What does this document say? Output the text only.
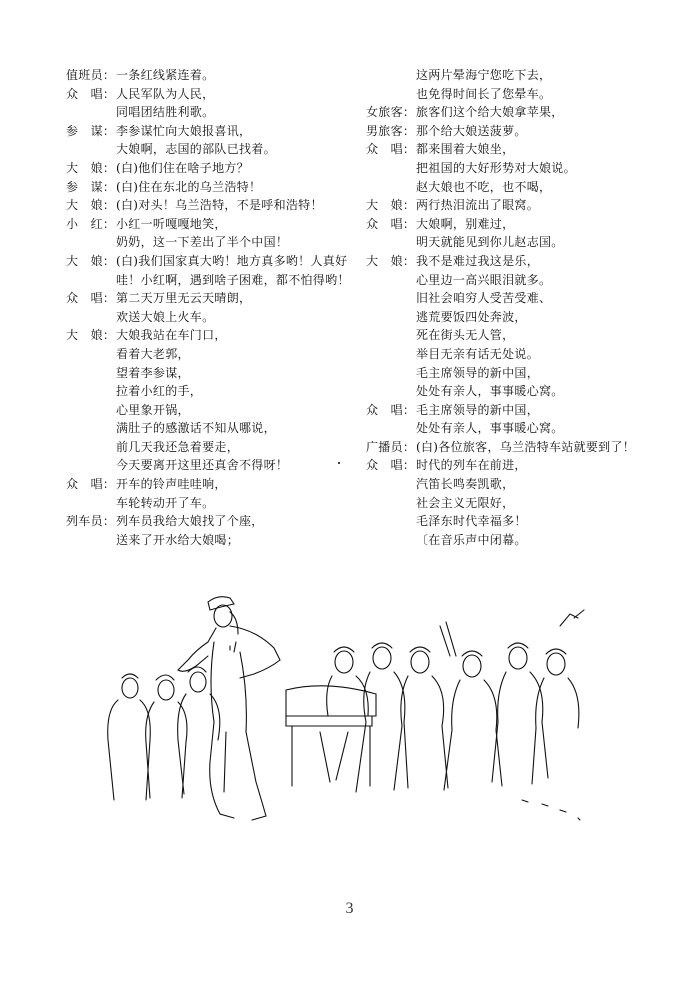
值班员： 一条红线紧连着。
众　唱： 人民军队为人民，
同唱团结胜利歌。
参　谋： 李参谋忙向大娘报喜讯，
大娘啊，志国的部队已找着。
大　娘： (白)他们住在啥子地方？
参　谋： (白)住在东北的乌兰浩特！
大　娘： (白)对头！乌兰浩特，不是呼和浩特！
小　红： 小红一听嘎嘎地笑，
奶奶，这一下差出了半个中国！
大　娘： (白)我们国家真大哟！地方真多哟！人真好
哇！小红啊，遇到啥子困难，都不怕得哟！
众　唱： 第二天万里无云天晴朗，
欢送大娘上火车。
大　娘： 大娘我站在车门口，
看着大老郭，
望着李参谋，
拉着小红的手，
心里象开锅，
满肚子的感激话不知从哪说，
前几天我还急着要走，
今天要离开这里还真舍不得呀！
众　唱： 开车的铃声哇哇响，
车轮转动开了车。
列车员： 列车员我给大娘找了个座，
送来了开水给大娘喝；
这两片晕海宁您吃下去，
也免得时间长了您晕车。
女旅客： 旅客们这个给大娘拿苹果，
男旅客： 那个给大娘送菠萝。
众　唱： 都来围着大娘坐，
把祖国的大好形势对大娘说。
赵大娘也不吃，也不喝，
大　娘： 两行热泪流出了眼窝。
众　唱： 大娘啊，别难过，
明天就能见到你儿赵志国。
大　娘： 我不是难过我这是乐，
心里边一高兴眼泪就多。
旧社会咱穷人受苦受难、
逃荒要饭四处奔波，
死在街头无人管，
举目无亲有话无处说。
毛主席领导的新中国，
处处有亲人，事事暖心窝。
众　唱： 毛主席领导的新中国，
处处有亲人，事事暖心窝。
广播员： (白)各位旅客，乌兰浩特车站就要到了！
众　唱： 时代的列车在前进，
汽笛长鸣奏凯歌，
社会主义无限好，
毛泽东时代幸福多！
〔在音乐声中闭幕。
3
